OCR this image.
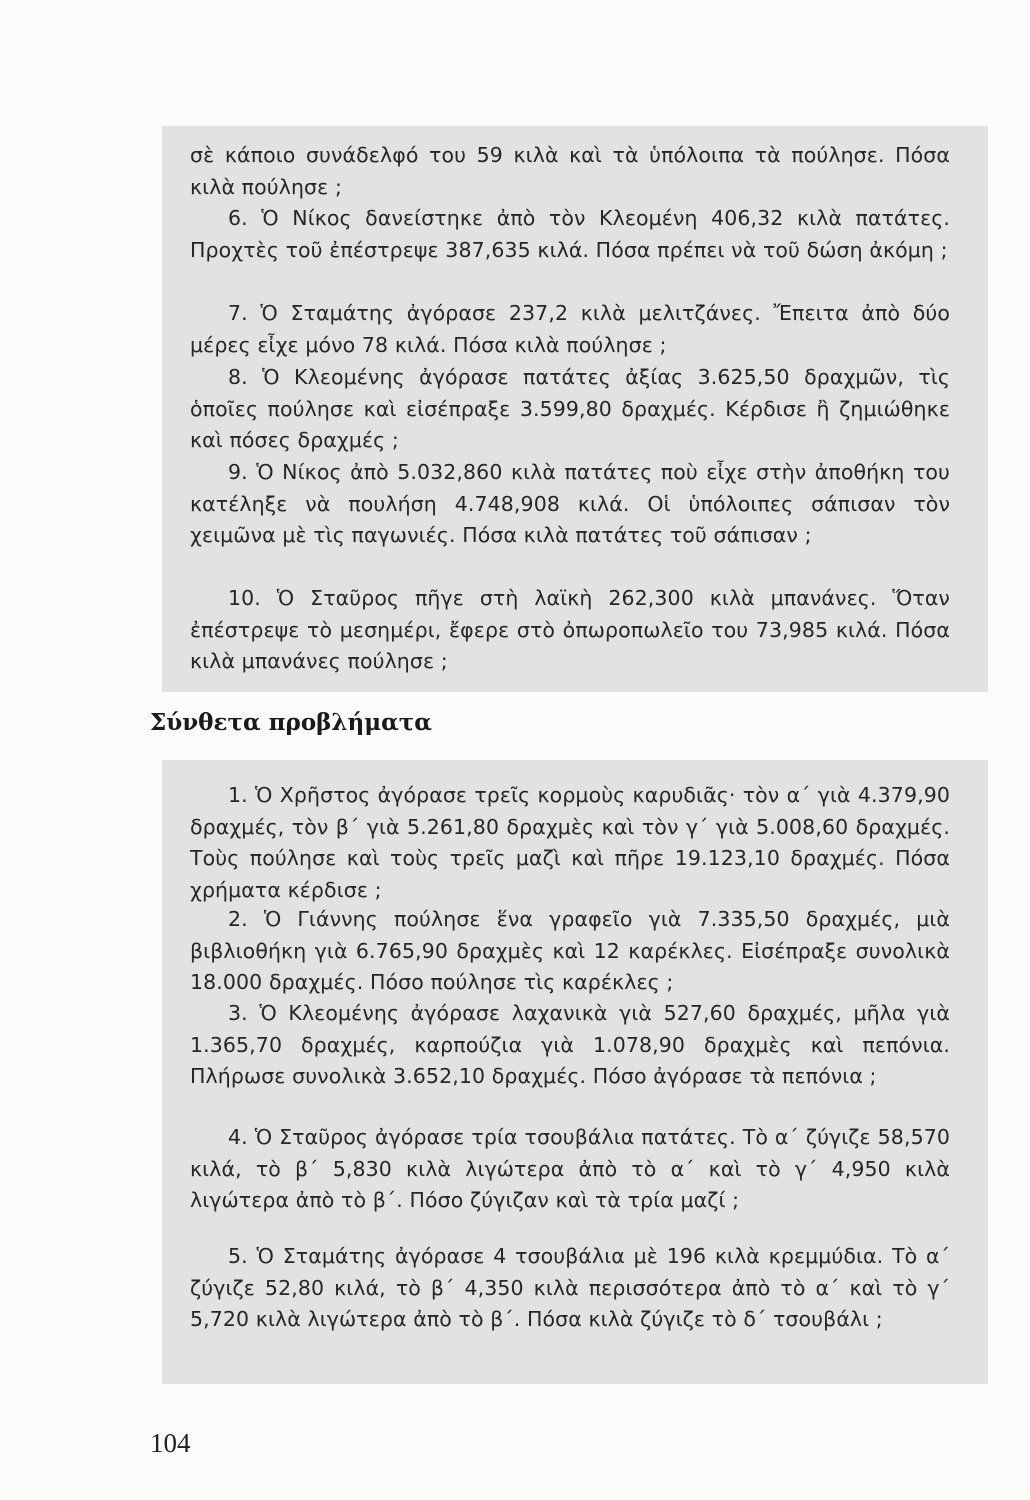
σὲ κάποιο συνάδελφό του 59 κιλὰ καὶ τὰ ὑπόλοιπα τὰ πούλησε. Πόσα κιλὰ πούλησε ;
6. Ὁ Νίκος δανείστηκε ἀπὸ τὸν Κλεομένη 406,32 κιλὰ πατάτες. Προχτὲς τοῦ ἐπέστρεψε 387,635 κιλά. Πόσα πρέπει νὰ τοῦ δώση ἀκόμη ;
7. Ὁ Σταμάτης ἀγόρασε 237,2 κιλὰ μελιτζάνες. Ἔπειτα ἀπὸ δύο μέρες εἶχε μόνο 78 κιλά. Πόσα κιλὰ πούλησε ;
8. Ὁ Κλεομένης ἀγόρασε πατάτες ἀξίας 3.625,50 δραχμῶν, τὶς ὁποῖες πούλησε καὶ εἰσέπραξε 3.599,80 δραχμές. Κέρδισε ἢ ζημιώθηκε καὶ πόσες δραχμές ;
9. Ὁ Νίκος ἀπὸ 5.032,860 κιλὰ πατάτες ποὺ εἶχε στὴν ἀποθήκη του κατέληξε νὰ πουλήση 4.748,908 κιλά. Οἱ ὑπόλοιπες σάπισαν τὸν χειμῶνα μὲ τὶς παγωνιές. Πόσα κιλὰ πατάτες τοῦ σάπισαν ;
10. Ὁ Σταῦρος πῆγε στὴ λαϊκὴ 262,300 κιλὰ μπανάνες. Ὅταν ἐπέστρεψε τὸ μεσημέρι, ἔφερε στὸ ὀπωροπωλεῖο του 73,985 κιλά. Πόσα κιλὰ μπανάνες πούλησε ;
Σύνθετα προβλήματα
1. Ὁ Χρῆστος ἀγόρασε τρεῖς κορμοὺς καρυδιᾶς· τὸν α΄ γιὰ 4.379,90 δραχμές, τὸν β΄ γιὰ 5.261,80 δραχμὲς καὶ τὸν γ΄ γιὰ 5.008,60 δραχμές. Τοὺς πούλησε καὶ τοὺς τρεῖς μαζὶ καὶ πῆρε 19.123,10 δραχμές. Πόσα χρήματα κέρδισε ;
2. Ὁ Γιάννης πούλησε ἕνα γραφεῖο γιὰ 7.335,50 δραχμές, μιὰ βιβλιοθήκη γιὰ 6.765,90 δραχμὲς καὶ 12 καρέκλες. Εἰσέπραξε συνολικὰ 18.000 δραχμές. Πόσο πούλησε τὶς καρέκλες ;
3. Ὁ Κλεομένης ἀγόρασε λαχανικὰ γιὰ 527,60 δραχμές, μῆλα γιὰ 1.365,70 δραχμές, καρπούζια γιὰ 1.078,90 δραχμὲς καὶ πεπόνια. Πλήρωσε συνολικὰ 3.652,10 δραχμές. Πόσο ἀγόρασε τὰ πεπόνια ;
4. Ὁ Σταῦρος ἀγόρασε τρία τσουβάλια πατάτες. Τὸ α΄ ζύγιζε 58,570 κιλά, τὸ β΄ 5,830 κιλὰ λιγώτερα ἀπὸ τὸ α΄ καὶ τὸ γ΄ 4,950 κιλὰ λιγώτερα ἀπὸ τὸ β΄. Πόσο ζύγιζαν καὶ τὰ τρία μαζί ;
5. Ὁ Σταμάτης ἀγόρασε 4 τσουβάλια μὲ 196 κιλὰ κρεμμύδια. Τὸ α΄ ζύγιζε 52,80 κιλά, τὸ β΄ 4,350 κιλὰ περισσότερα ἀπὸ τὸ α΄ καὶ τὸ γ΄ 5,720 κιλὰ λιγώτερα ἀπὸ τὸ β΄. Πόσα κιλὰ ζύγιζε τὸ δ΄ τσουβάλι ;
104
